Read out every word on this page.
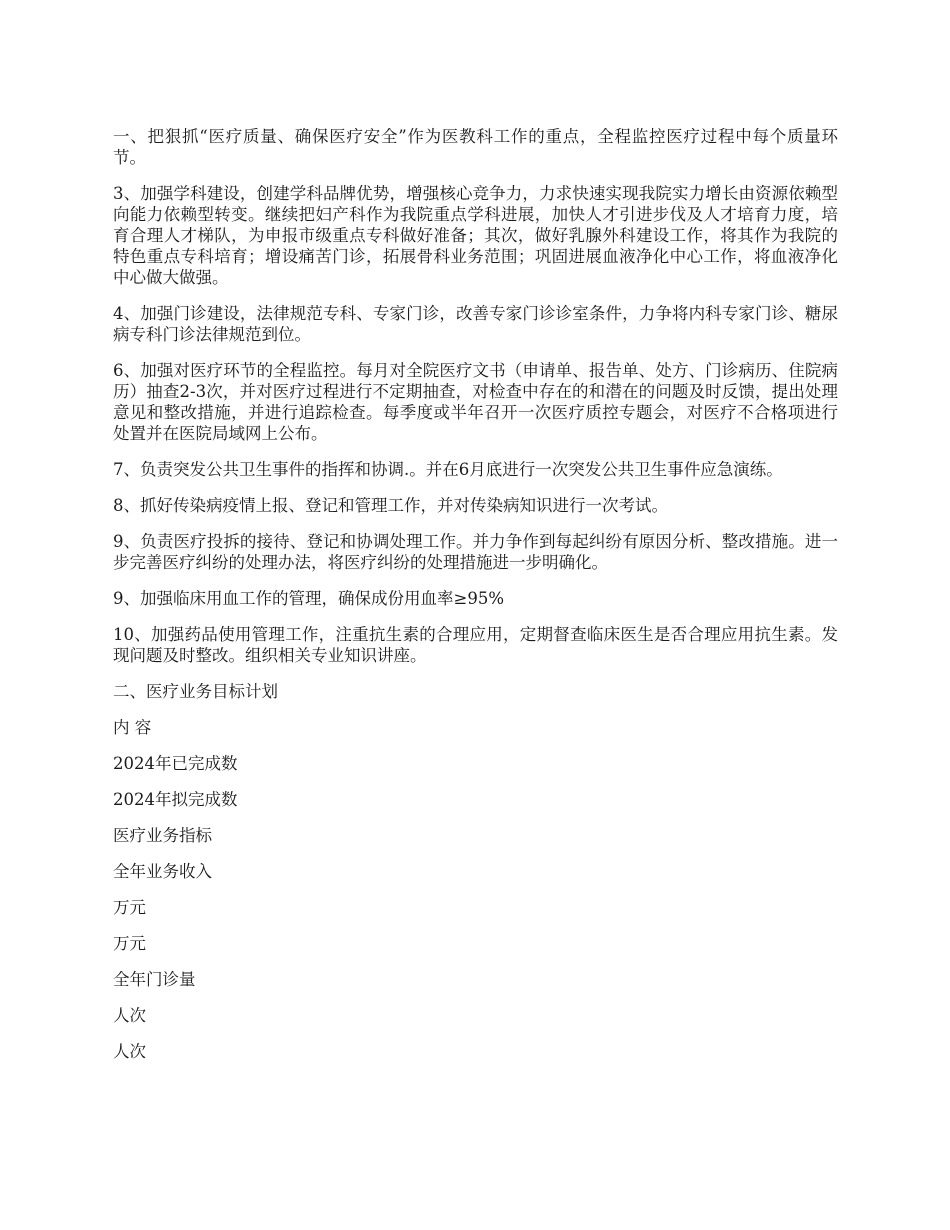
一、把狠抓“医疗质量、确保医疗安全”作为医教科工作的重点，全程监控医疗过程中每个质量环节。

3、加强学科建设，创建学科品牌优势，增强核心竞争力，力求快速实现我院实力增长由资源依赖型向能力依赖型转变。继续把妇产科作为我院重点学科进展，加快人才引进步伐及人才培育力度，培育合理人才梯队，为申报市级重点专科做好准备；其次，做好乳腺外科建设工作，将其作为我院的特色重点专科培育；增设痛苦门诊，拓展骨科业务范围；巩固进展血液净化中心工作，将血液净化中心做大做强。

4、加强门诊建设，法律规范专科、专家门诊，改善专家门诊诊室条件，力争将内科专家门诊、糖尿病专科门诊法律规范到位。

6、加强对医疗环节的全程监控。每月对全院医疗文书（申请单、报告单、处方、门诊病历、住院病历）抽查2-3次，并对医疗过程进行不定期抽查，对检查中存在的和潜在的问题及时反馈，提出处理意见和整改措施，并进行追踪检查。每季度或半年召开一次医疗质控专题会，对医疗不合格项进行处置并在医院局域网上公布。

7、负责突发公共卫生事件的指挥和协调.。并在6月底进行一次突发公共卫生事件应急演练。

8、抓好传染病疫情上报、登记和管理工作，并对传染病知识进行一次考试。

9、负责医疗投拆的接待、登记和协调处理工作。并力争作到每起纠纷有原因分析、整改措施。进一步完善医疗纠纷的处理办法，将医疗纠纷的处理措施进一步明确化。

9、加强临床用血工作的管理，确保成份用血率≥95%

10、加强药品使用管理工作，注重抗生素的合理应用，定期督查临床医生是否合理应用抗生素。发现问题及时整改。组织相关专业知识讲座。

二、医疗业务目标计划

内 容

2024年已完成数

2024年拟完成数

医疗业务指标

全年业务收入

万元

万元

全年门诊量

人次

人次
